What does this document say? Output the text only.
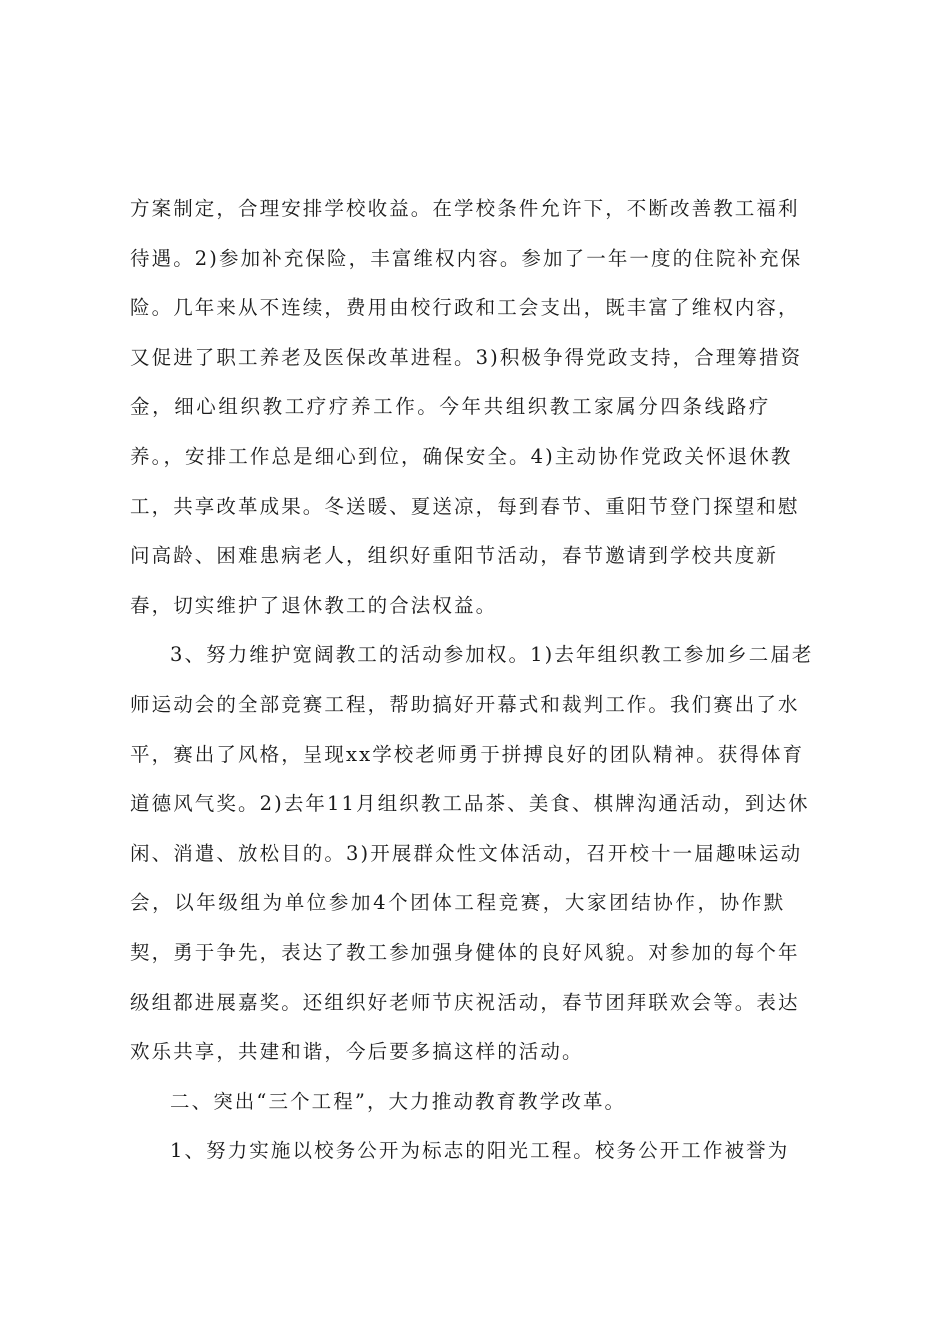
方案制定，合理安排学校收益。在学校条件允许下，不断改善教工福利
待遇。2)参加补充保险，丰富维权内容。参加了一年一度的住院补充保
险。几年来从不连续，费用由校行政和工会支出，既丰富了维权内容，
又促进了职工养老及医保改革进程。3)积极争得党政支持，合理筹措资
金，细心组织教工疗疗养工作。今年共组织教工家属分四条线路疗
养。，安排工作总是细心到位，确保安全。4)主动协作党政关怀退休教
工，共享改革成果。冬送暖、夏送凉，每到春节、重阳节登门探望和慰
问高龄、困难患病老人，组织好重阳节活动，春节邀请到学校共度新
春，切实维护了退休教工的合法权益。
3、努力维护宽阔教工的活动参加权。1)去年组织教工参加乡二届老
师运动会的全部竞赛工程，帮助搞好开幕式和裁判工作。我们赛出了水
平，赛出了风格，呈现xx学校老师勇于拼搏良好的团队精神。获得体育
道德风气奖。2)去年11月组织教工品茶、美食、棋牌沟通活动，到达休
闲、消遣、放松目的。3)开展群众性文体活动，召开校十一届趣味运动
会，以年级组为单位参加4个团体工程竞赛，大家团结协作，协作默
契，勇于争先，表达了教工参加强身健体的良好风貌。对参加的每个年
级组都进展嘉奖。还组织好老师节庆祝活动，春节团拜联欢会等。表达
欢乐共享，共建和谐，今后要多搞这样的活动。
二、突出“三个工程”，大力推动教育教学改革。
1、努力实施以校务公开为标志的阳光工程。校务公开工作被誉为
